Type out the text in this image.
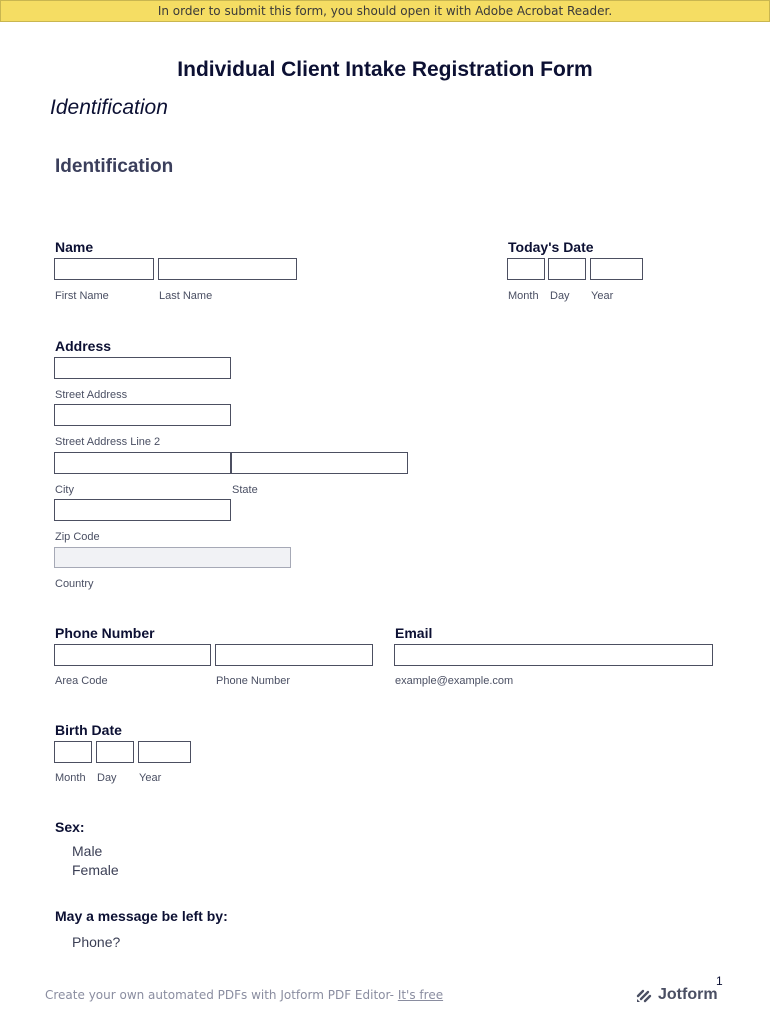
In order to submit this form, you should open it with Adobe Acrobat Reader.
Individual Client Intake Registration Form
Identification
Identification
Name
First Name	Last Name
Today's Date
Month Day Year
Address
Street Address
Street Address Line 2
City	State
Zip Code
Country
Phone Number
Area Code	Phone Number
Email
example@example.com
Birth Date
Month Day Year
Sex:
Male
Female
May a message be left by:
Phone?
1
Create your own automated PDFs with Jotform PDF Editor- It's free	Jotform
